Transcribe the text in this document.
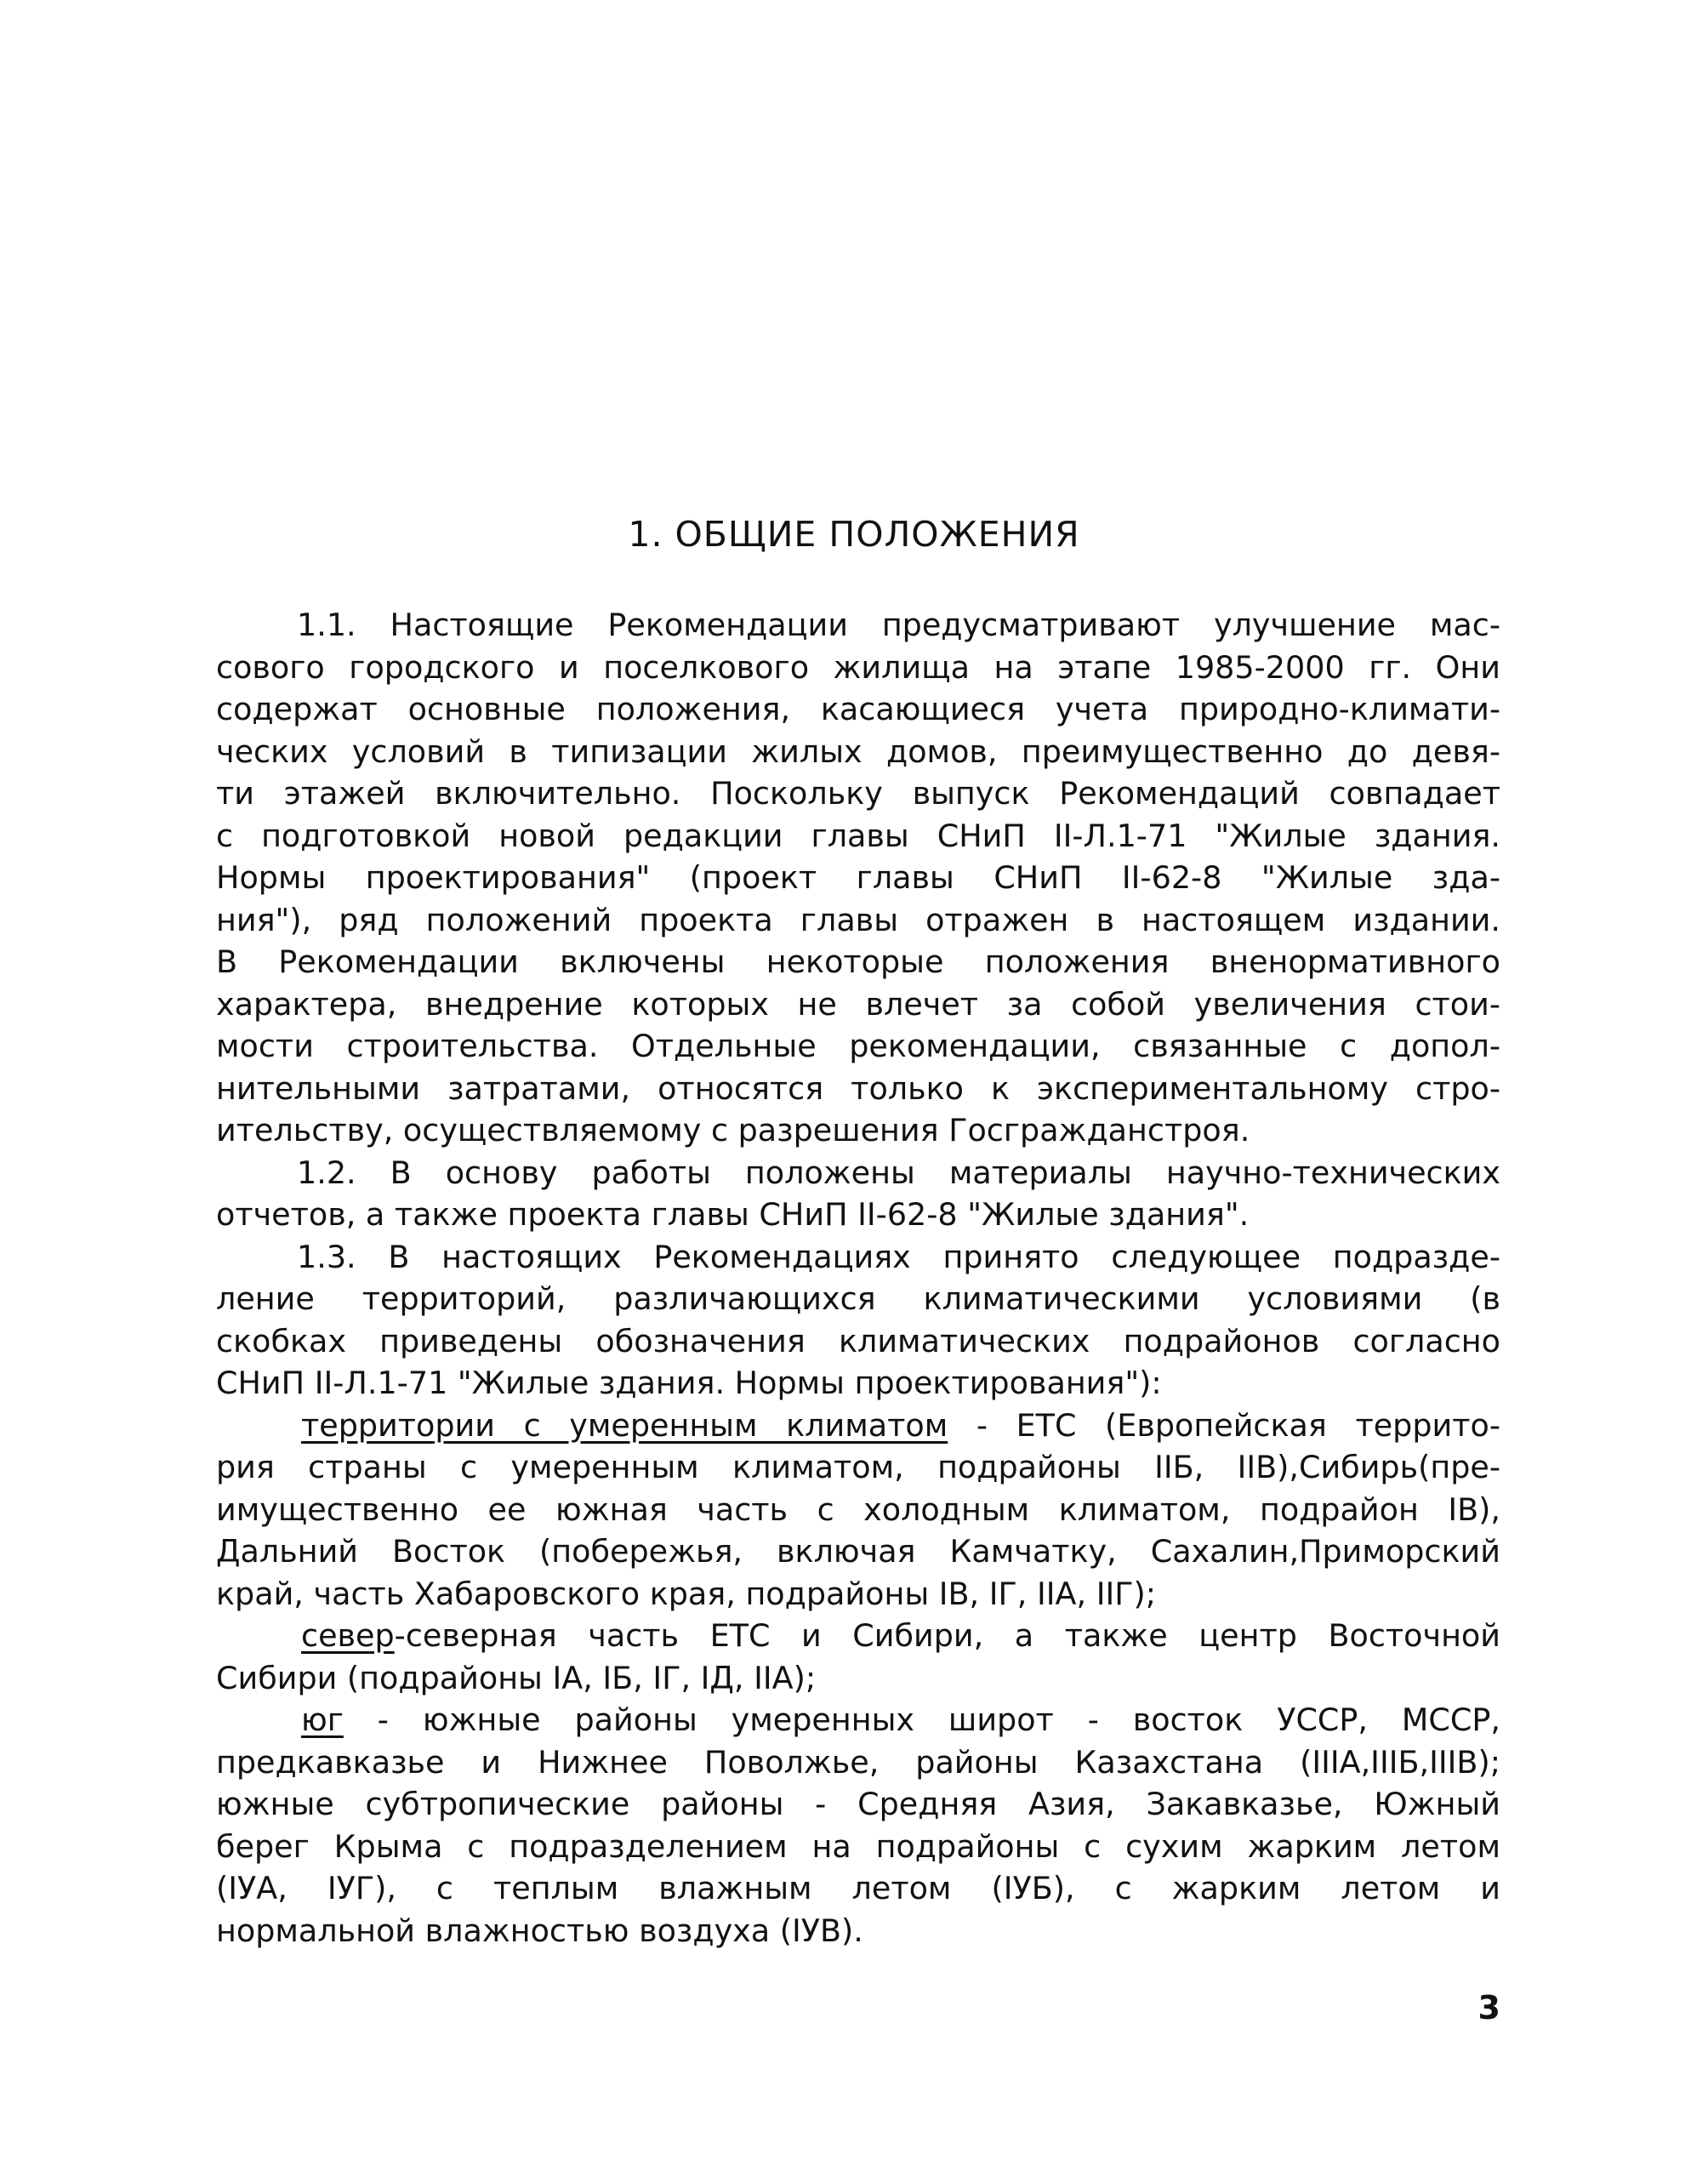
1. ОБЩИЕ ПОЛОЖЕНИЯ
1.1. Настоящие Рекомендации предусматривают улучшение мас-
сового городского и поселкового жилища на этапе 1985-2000 гг. Они
содержат основные положения, касающиеся учета природно-климати-
ческих условий в типизации жилых домов, преимущественно до девя-
ти этажей включительно. Поскольку выпуск Рекомендаций совпадает
с подготовкой новой редакции главы СНиП II-Л.1-71 "Жилые здания.
Нормы проектирования" (проект главы СНиП II-62-8 "Жилые зда-
ния"), ряд положений проекта главы отражен в настоящем издании.
В Рекомендации включены некоторые положения вненормативного
характера, внедрение которых не влечет за собой увеличения стои-
мости строительства. Отдельные рекомендации, связанные с допол-
нительными затратами, относятся только к экспериментальному стро-
ительству, осуществляемому с разрешения Госгражданстроя.
1.2. В основу работы положены материалы научно-технических
отчетов, а также проекта главы СНиП II-62-8 "Жилые здания".
1.3. В настоящих Рекомендациях принято следующее подразде-
ление территорий, различающихся климатическими условиями (в
скобках приведены обозначения климатических подрайонов согласно
СНиП II-Л.1-71 "Жилые здания. Нормы проектирования"):
территории с умеренным климатом - ЕТС (Европейская террито-
рия страны с умеренным климатом, подрайоны IIБ, IIВ),Сибирь(пре-
имущественно ее южная часть с холодным климатом, подрайон IВ),
Дальний Восток (побережья, включая Камчатку, Сахалин,Приморский
край, часть Хабаровского края, подрайоны IВ, IГ, IIА, IIГ);
север-северная часть ЕТС и Сибири, а также центр Восточной
Сибири (подрайоны IА, IБ, IГ, IД, IIА);
юг - южные районы умеренных широт - восток УССР, МССР,
предкавказье и Нижнее Поволжье, районы Казахстана (IIIА,IIIБ,IIIВ);
южные субтропические районы - Средняя Азия, Закавказье, Южный
берег Крыма с подразделением на подрайоны с сухим жарким летом
(IУА, IУГ), с теплым влажным летом (IУБ), с жарким летом и
нормальной влажностью воздуха (IУВ).
3
